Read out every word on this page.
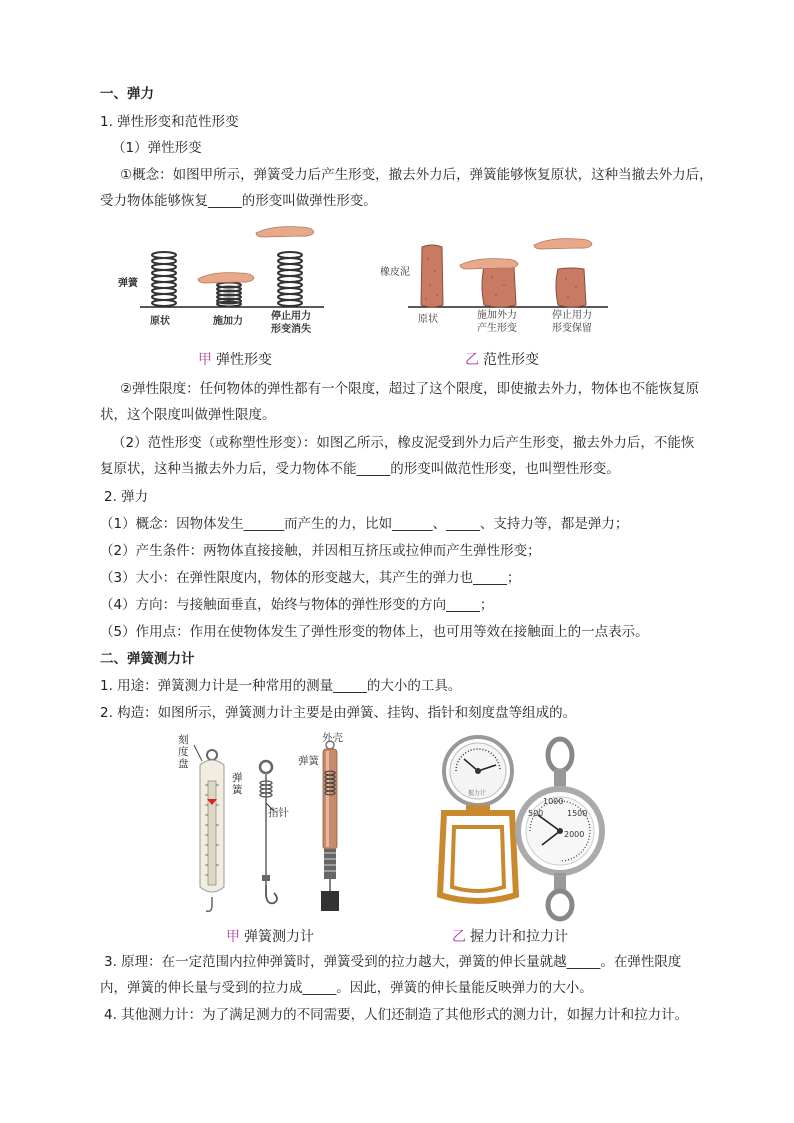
一、弹力
1. 弹性形变和范性形变
（1）弹性形变
①概念：如图甲所示，弹簧受力后产生形变，撤去外力后，弹簧能够恢复原状，这种当撤去外力后，
受力物体能够恢复_____的形变叫做弹性形变。
弹簧
原状	施加力	停止用力
形变消失
橡皮泥
原状	施加外力
产生形变
停止用力
形变保留
甲 弹性形变	乙 范性形变
②弹性限度：任何物体的弹性都有一个限度，超过了这个限度，即使撤去外力，物体也不能恢复原
状，这个限度叫做弹性限度。
（2）范性形变（或称塑性形变）：如图乙所示，橡皮泥受到外力后产生形变，撤去外力后，不能恢
复原状，这种当撤去外力后，受力物体不能_____的形变叫做范性形变，也叫塑性形变。
2. 弹力
（1）概念：因物体发生______而产生的力，比如______、_____、支持力等，都是弹力；
（2）产生条件：两物体直接接触，并因相互挤压或拉伸而产生弹性形变；
（3）大小：在弹性限度内，物体的形变越大，其产生的弹力也_____；
（4）方向：与接触面垂直，始终与物体的弹性形变的方向_____；
（5）作用点：作用在使物体发生了弹性形变的物体上，也可用等效在接触面上的一点表示。
二、弹簧测力计
1. 用途：弹簧测力计是一种常用的测量_____的大小的工具。
2. 构造：如图所示，弹簧测力计主要是由弹簧、挂钩、指针和刻度盘等组成的。
刻度盘
弹簧
指针
外壳
弹簧
1000
1500
2000
500
握力计
甲 弹簧测力计	乙 握力计和拉力计
3. 原理：在一定范围内拉伸弹簧时，弹簧受到的拉力越大，弹簧的伸长量就越_____。在弹性限度
内，弹簧的伸长量与受到的拉力成_____。因此，弹簧的伸长量能反映弹力的大小。
4. 其他测力计：为了满足测力的不同需要，人们还制造了其他形式的测力计，如握力计和拉力计。
